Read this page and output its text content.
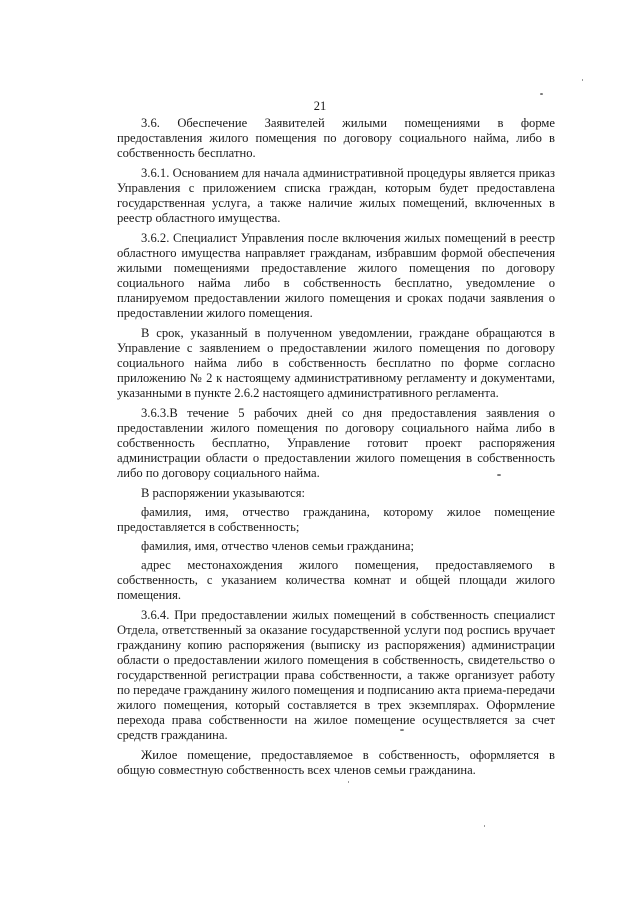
21

3.6. Обеспечение Заявителей жилыми помещениями в форме предоставления жилого помещения по договору социального найма, либо в собственность бесплатно.

3.6.1. Основанием для начала административной процедуры является приказ Управления с приложением списка граждан, которым будет предоставлена государственная услуга, а также наличие жилых помещений, включенных в реестр областного имущества.

3.6.2. Специалист Управления после включения жилых помещений в реестр областного имущества направляет гражданам, избравшим формой обеспечения жилыми помещениями предоставление жилого помещения по договору социального найма либо в собственность бесплатно, уведомление о планируемом предоставлении жилого помещения и сроках подачи заявления о предоставлении жилого помещения.

В срок, указанный в полученном уведомлении, граждане обращаются в Управление с заявлением о предоставлении жилого помещения по договору социального найма либо в собственность бесплатно по форме согласно приложению № 2 к настоящему административному регламенту и документами, указанными в пункте 2.6.2 настоящего административного регламента.

3.6.3.В течение 5 рабочих дней со дня предоставления заявления о предоставлении жилого помещения по договору социального найма либо в собственность бесплатно, Управление готовит проект распоряжения администрации области о предоставлении жилого помещения в собственность либо по договору социального найма.

В распоряжении указываются:

фамилия, имя, отчество гражданина, которому жилое помещение предоставляется в собственность;

фамилия, имя, отчество членов семьи гражданина;

адрес местонахождения жилого помещения, предоставляемого в собственность, с указанием количества комнат и общей площади жилого помещения.

3.6.4. При предоставлении жилых помещений в собственность специалист Отдела, ответственный за оказание государственной услуги под роспись вручает гражданину копию распоряжения (выписку из распоряжения) администрации области о предоставлении жилого помещения в собственность, свидетельство о государственной регистрации права собственности, а также организует работу по передаче гражданину жилого помещения и подписанию акта приема-передачи жилого помещения, который составляется в трех экземплярах. Оформление перехода права собственности на жилое помещение осуществляется за счет средств гражданина.

Жилое помещение, предоставляемое в собственность, оформляется в общую совместную собственность всех членов семьи гражданина.
